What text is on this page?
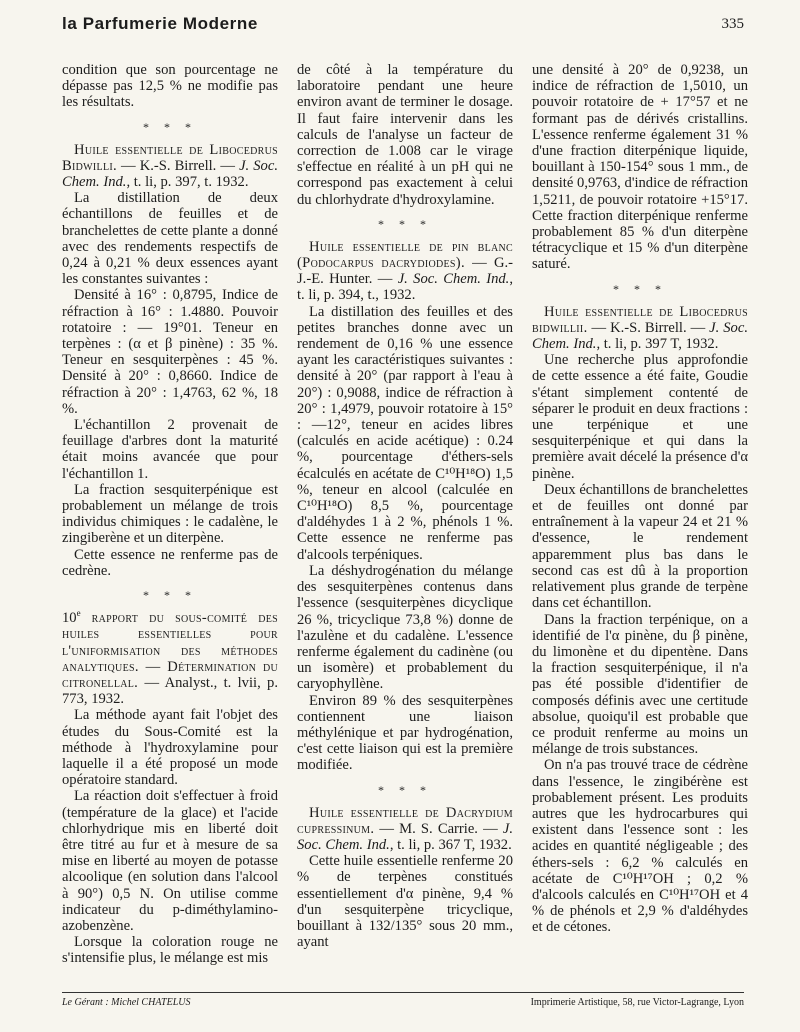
la Parfumerie Moderne	335

condition que son pourcentage ne dépasse pas 12,5 % ne modifie pas les résultats.

* * *

Huile essentielle de Libocedrus Bidwilli. — K.-S. Birrell. — J. Soc. Chem. Ind., t. li, p. 397, t. 1932.

La distillation de deux échantillons de feuilles et de branchelettes de cette plante a donné avec des rendements respectifs de 0,24 à 0,21 % deux essences ayant les constantes suivantes :

Densité à 16° : 0,8795, Indice de réfraction à 16° : 1.4880. Pouvoir rotatoire : — 19°01. Teneur en terpènes : (α et β pinène) : 35 %. Teneur en sesquiterpènes : 45 %. Densité à 20° : 0,8660. Indice de réfraction à 20° : 1,4763, 62 %, 18 %.

L'échantillon 2 provenait de feuillage d'arbres dont la maturité était moins avancée que pour l'échantillon 1.

La fraction sesquiterpénique est probablement un mélange de trois individus chimiques : le cadalène, le zingiberène et un diterpène.

Cette essence ne renferme pas de cedrène.

* * *

10e rapport du sous-comité des huiles essentielles pour l'uniformisation des méthodes analytiques. — Détermination du citronellal. — Analyst., t. lvii, p. 773, 1932.

La méthode ayant fait l'objet des études du Sous-Comité est la méthode à l'hydroxylamine pour laquelle il a été proposé un mode opératoire standard.

La réaction doit s'effectuer à froid (température de la glace) et l'acide chlorhydrique mis en liberté doit être titré au fur et à mesure de sa mise en liberté au moyen de potasse alcoolique (en solution dans l'alcool à 90°) 0,5 N. On utilise comme indicateur du p-diméthylamino-azobenzène.

Lorsque la coloration rouge ne s'intensifie plus, le mélange est mis

de côté à la température du laboratoire pendant une heure environ avant de terminer le dosage. Il faut faire intervenir dans les calculs de l'analyse un facteur de correction de 1.008 car le virage s'effectue en réalité à un pH qui ne correspond pas exactement à celui du chlorhydrate d'hydroxylamine.

* * *

Huile essentielle de pin blanc (Podocarpus dacrydiodes). — G.-J.-E. Hunter. — J. Soc. Chem. Ind., t. li, p. 394, t., 1932.

La distillation des feuilles et des petites branches donne avec un rendement de 0,16 % une essence ayant les caractéristiques suivantes : densité à 20° (par rapport à l'eau à 20°) : 0,9088, indice de réfraction à 20° : 1,4979, pouvoir rotatoire à 15° : —12°, teneur en acides libres (calculés en acide acétique) : 0.24 %, pourcentage d'éthers-sels écalculés en acétate de C¹⁰H¹⁸O) 1,5 %, teneur en alcool (calculée en C¹⁰H¹⁸O) 8,5 %, pourcentage d'aldéhydes 1 à 2 %, phénols 1 %. Cette essence ne renferme pas d'alcools terpéniques.

La déshydrogénation du mélange des sesquiterpènes contenus dans l'essence (sesquiterpènes dicyclique 26 %, tricyclique 73,8 %) donne de l'azulène et du cadalène. L'essence renferme également du cadinène (ou un isomère) et probablement du caryophyllène.

Environ 89 % des sesquiterpènes contiennent une liaison méthylénique et par hydrogénation, c'est cette liaison qui est la première modifiée.

* * *

Huile essentielle de Dacrydium cupressinum. — M. S. Carrie. — J. Soc. Chem. Ind., t. li, p. 367 T, 1932.

Cette huile essentielle renferme 20 % de terpènes constitués essentiellement d'α pinène, 9,4 % d'un sesquiterpène tricyclique, bouillant à 132/135° sous 20 mm., ayant

une densité à 20° de 0,9238, un indice de réfraction de 1,5010, un pouvoir rotatoire de + 17°57 et ne formant pas de dérivés cristallins. L'essence renferme également 31 % d'une fraction diterpénique liquide, bouillant à 150-154° sous 1 mm., de densité 0,9763, d'indice de réfraction 1,5211, de pouvoir rotatoire +15°17. Cette fraction diterpénique renferme probablement 85 % d'un diterpène tétracyclique et 15 % d'un diterpène saturé.

* * *

Huile essentielle de Libocedrus bidwillii. — K.-S. Birrell. — J. Soc. Chem. Ind., t. li, p. 397 T, 1932.

Une recherche plus approfondie de cette essence a été faite, Goudie s'étant simplement contenté de séparer le produit en deux fractions : une terpénique et une sesquiterpénique et qui dans la première avait décelé la présence d'α pinène.

Deux échantillons de branchelettes et de feuilles ont donné par entraînement à la vapeur 24 et 21 % d'essence, le rendement apparemment plus bas dans le second cas est dû à la proportion relativement plus grande de terpène dans cet échantillon.

Dans la fraction terpénique, on a identifié de l'α pinène, du β pinène, du limonène et du dipentène. Dans la fraction sesquiterpénique, il n'a pas été possible d'identifier de composés définis avec une certitude absolue, quoiqu'il est probable que ce produit renferme au moins un mélange de trois substances.

On n'a pas trouvé trace de cédrène dans l'essence, le zingibérène est probablement présent. Les produits autres que les hydrocarbures qui existent dans l'essence sont : les acides en quantité négligeable ; des éthers-sels : 6,2 % calculés en acétate de C¹⁰H¹⁷OH ; 0,2 % d'alcools calculés en C¹⁰H¹⁷OH et 4 % de phénols et 2,9 % d'aldéhydes et de cétones.

Le Gérant : Michel CHATELUS	Imprimerie Artistique, 58, rue Victor-Lagrange, Lyon
